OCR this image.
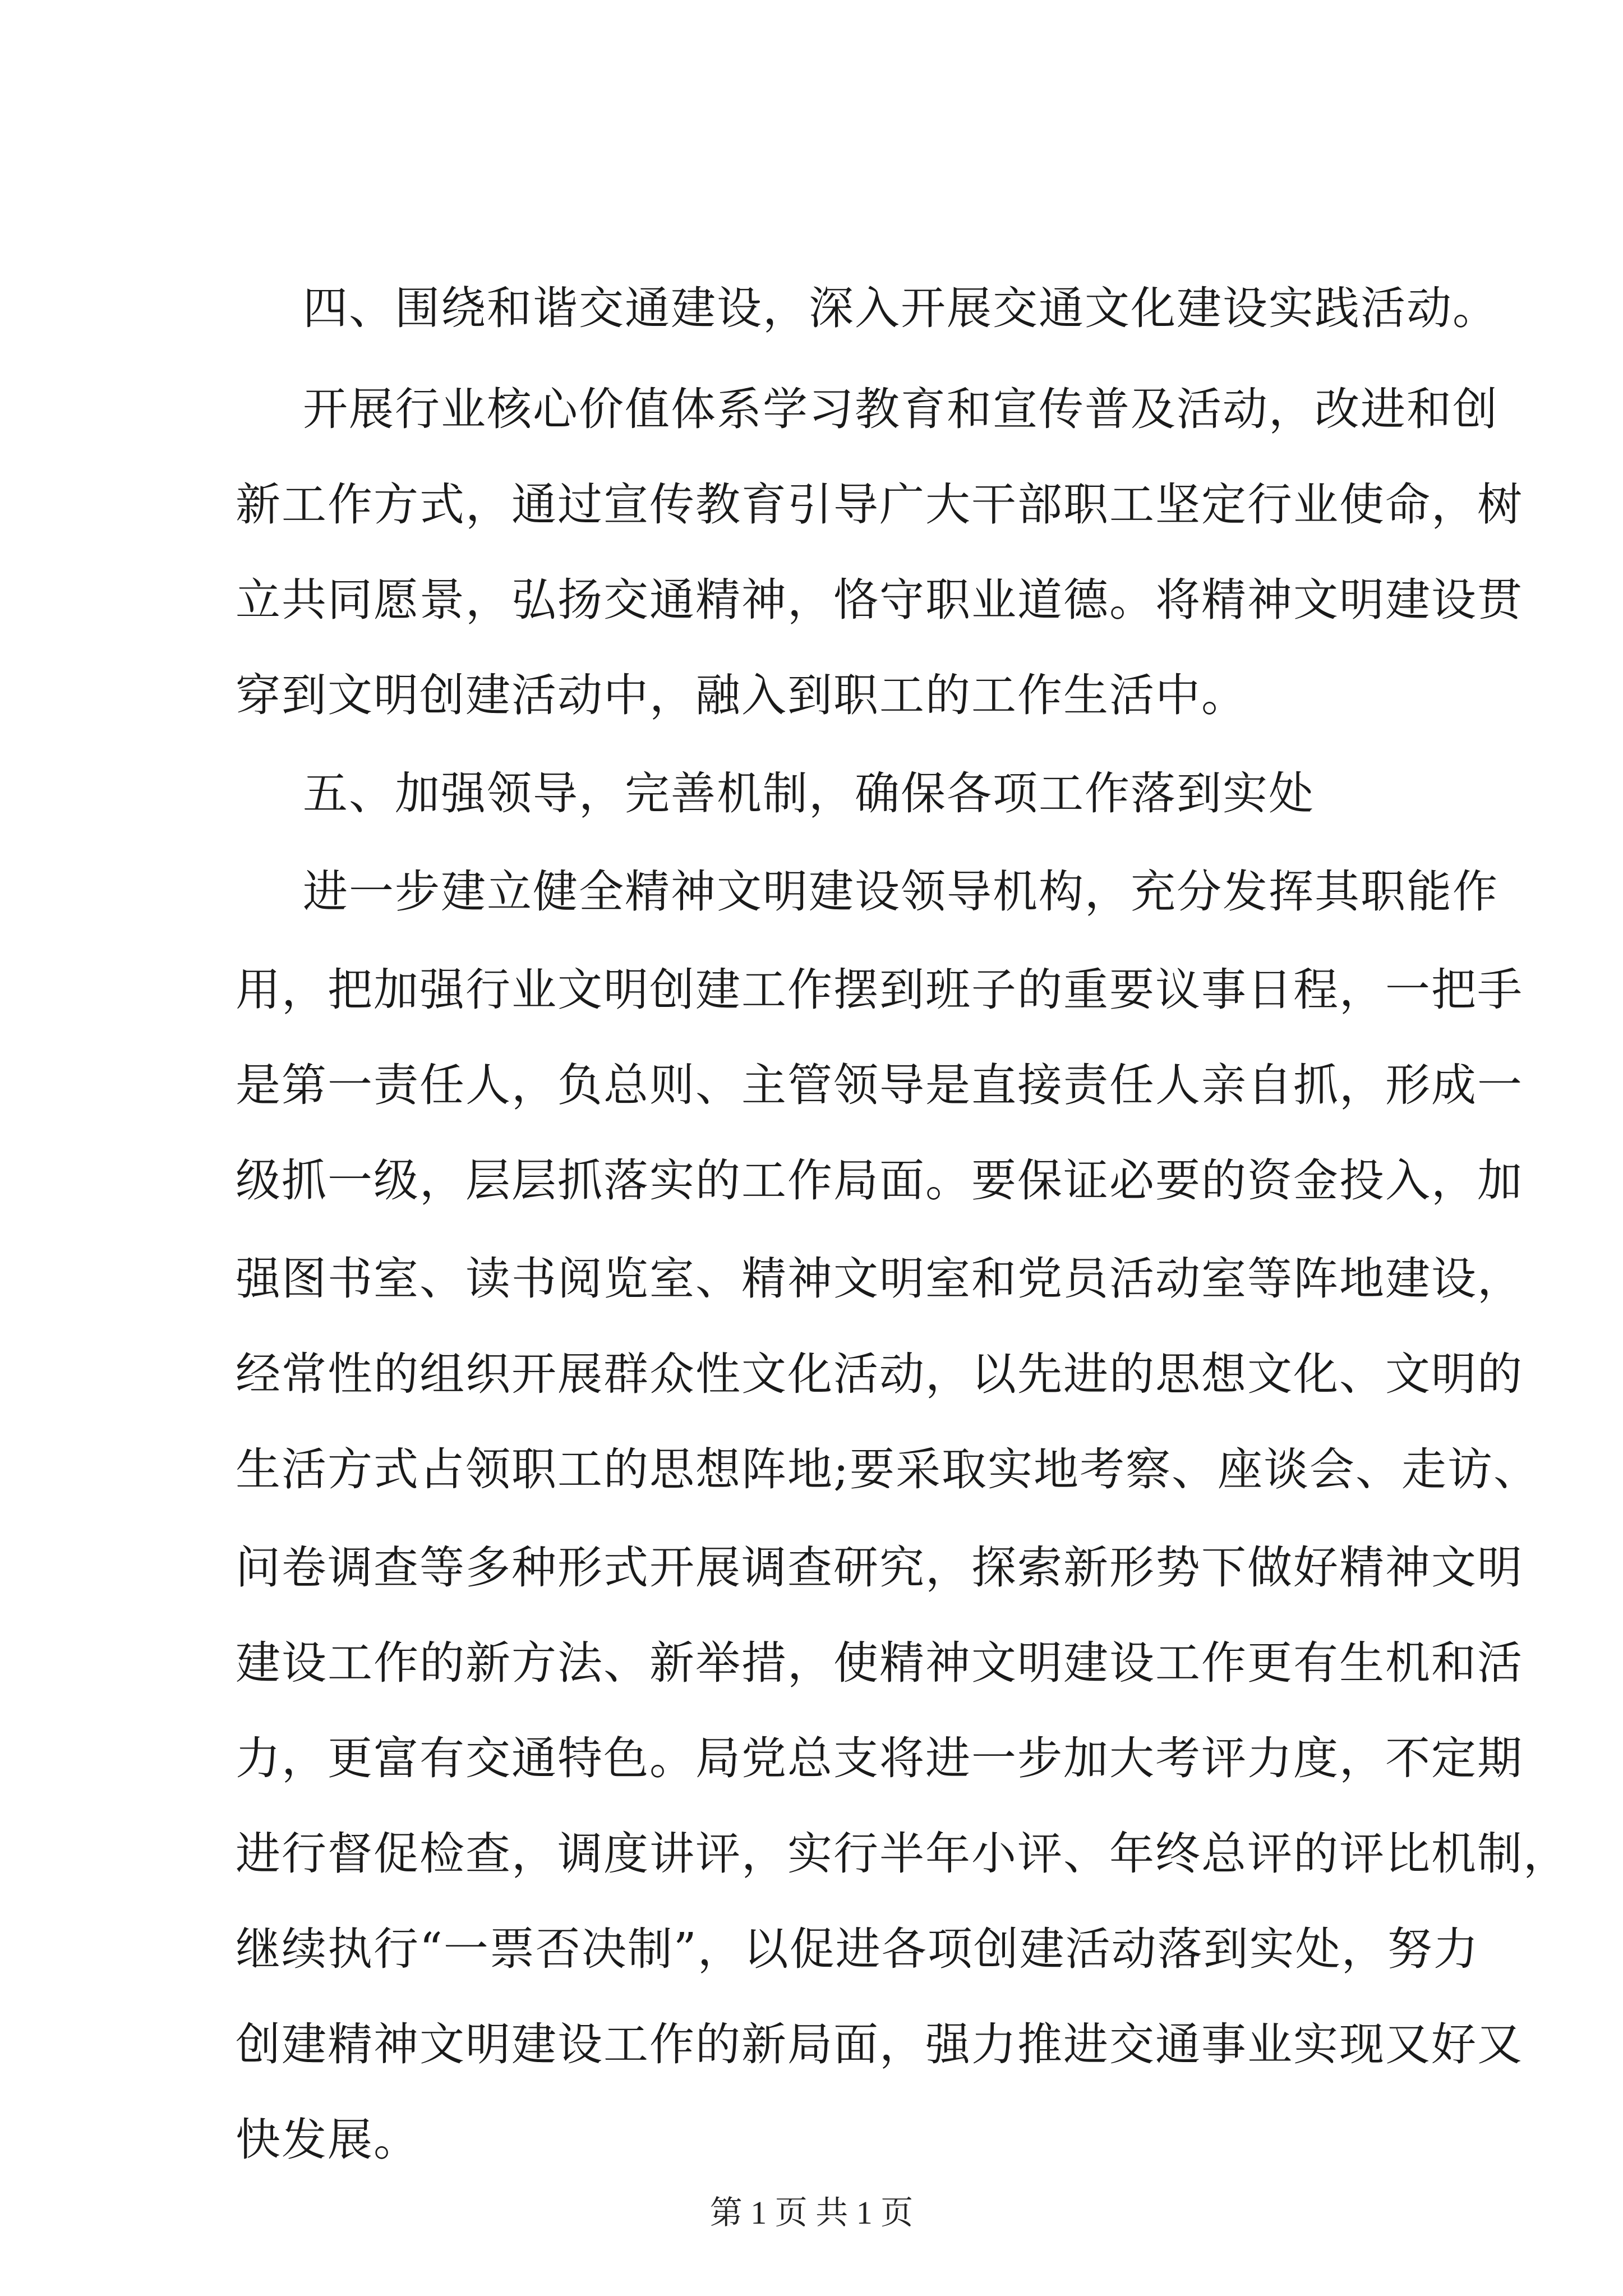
四、围绕和谐交通建设，深入开展交通文化建设实践活动。
开展行业核心价值体系学习教育和宣传普及活动，改进和创
新工作方式，通过宣传教育引导广大干部职工坚定行业使命，树
立共同愿景，弘扬交通精神，恪守职业道德。将精神文明建设贯
穿到文明创建活动中，融入到职工的工作生活中。
五、加强领导，完善机制，确保各项工作落到实处
进一步建立健全精神文明建设领导机构，充分发挥其职能作
用，把加强行业文明创建工作摆到班子的重要议事日程，一把手
是第一责任人，负总则、主管领导是直接责任人亲自抓，形成一
级抓一级，层层抓落实的工作局面。要保证必要的资金投入，加
强图书室、读书阅览室、精神文明室和党员活动室等阵地建设，
经常性的组织开展群众性文化活动，以先进的思想文化、文明的
生活方式占领职工的思想阵地;要采取实地考察、座谈会、走访、
问卷调查等多种形式开展调查研究，探索新形势下做好精神文明
建设工作的新方法、新举措，使精神文明建设工作更有生机和活
力，更富有交通特色。局党总支将进一步加大考评力度，不定期
进行督促检查，调度讲评，实行半年小评、年终总评的评比机制，
继续执行“一票否决制”，以促进各项创建活动落到实处，努力
创建精神文明建设工作的新局面，强力推进交通事业实现又好又
快发展。
第 1 页 共 1 页
